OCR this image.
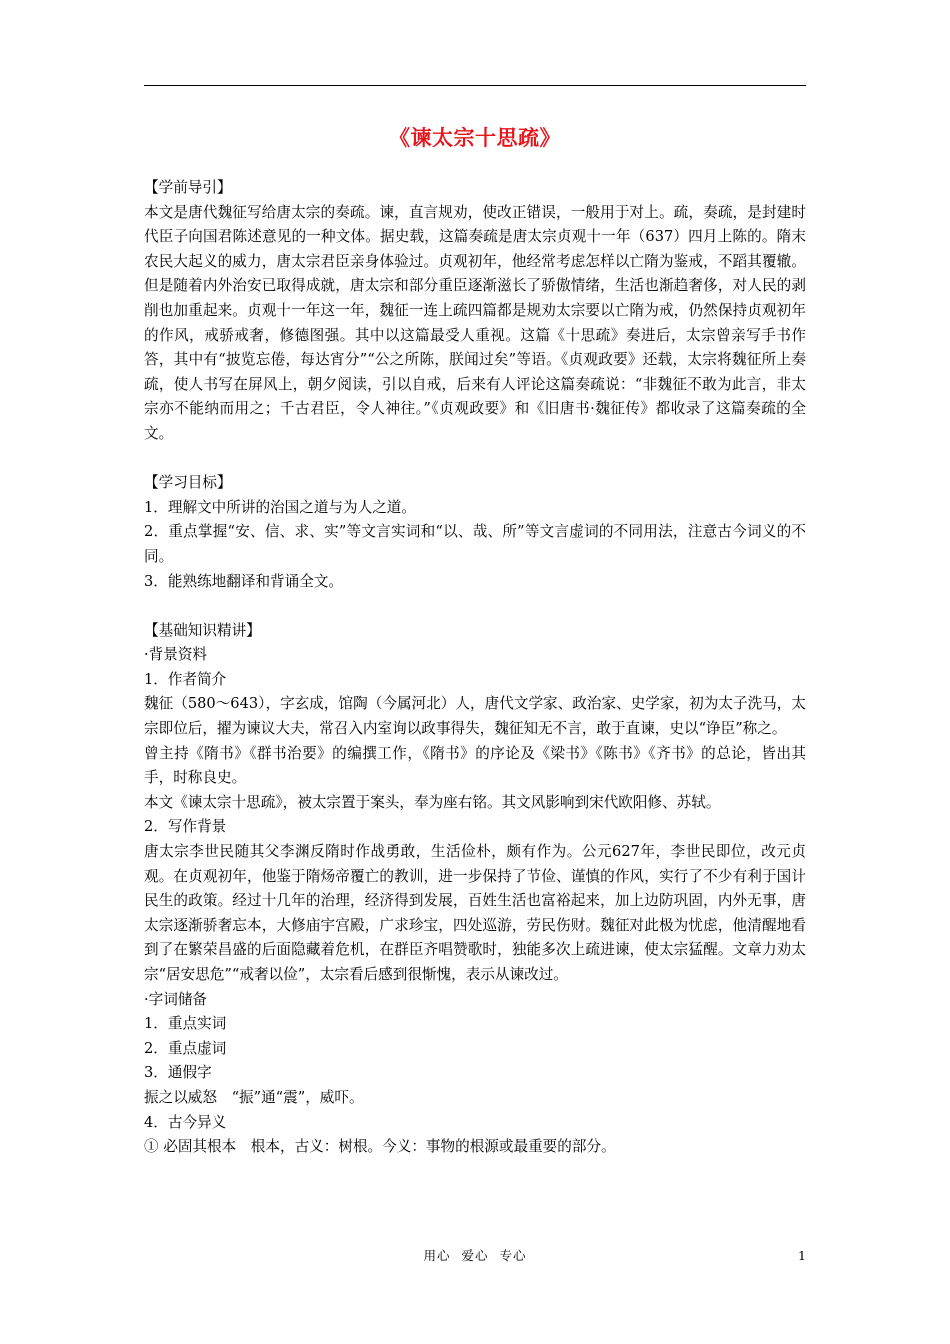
《谏太宗十思疏》

【学前导引】

本文是唐代魏征写给唐太宗的奏疏。谏，直言规劝，使改正错误，一般用于对上。疏，奏疏，是封建时代臣子向国君陈述意见的一种文体。据史载，这篇奏疏是唐太宗贞观十一年（637）四月上陈的。隋末农民大起义的威力，唐太宗君臣亲身体验过。贞观初年，他经常考虑怎样以亡隋为鉴戒，不蹈其覆辙。但是随着内外治安已取得成就，唐太宗和部分重臣逐渐滋长了骄傲情绪，生活也渐趋奢侈，对人民的剥削也加重起来。贞观十一年这一年，魏征一连上疏四篇都是规劝太宗要以亡隋为戒，仍然保持贞观初年的作风，戒骄戒奢，修德图强。其中以这篇最受人重视。这篇《十思疏》奏进后，太宗曾亲写手书作答，其中有“披览忘倦，每达宵分”“公之所陈，朕闻过矣”等语。《贞观政要》还载，太宗将魏征所上奏疏，使人书写在屏风上，朝夕阅读，引以自戒，后来有人评论这篇奏疏说：“非魏征不敢为此言，非太宗亦不能纳而用之；千古君臣，令人神往。”《贞观政要》和《旧唐书·魏征传》都收录了这篇奏疏的全文。

【学习目标】

1．理解文中所讲的治国之道与为人之道。

2．重点掌握“安、信、求、实”等文言实词和“以、哉、所”等文言虚词的不同用法，注意古今词义的不同。

3．能熟练地翻译和背诵全文。

【基础知识精讲】

·背景资料

1．作者简介

魏征（580～643），字玄成，馆陶（今属河北）人，唐代文学家、政治家、史学家，初为太子洗马，太宗即位后，擢为谏议大夫，常召入内室询以政事得失，魏征知无不言，敢于直谏，史以“诤臣”称之。

曾主持《隋书》《群书治要》的编撰工作，《隋书》的序论及《梁书》《陈书》《齐书》的总论，皆出其手，时称良史。

本文《谏太宗十思疏》，被太宗置于案头，奉为座右铭。其文风影响到宋代欧阳修、苏轼。

2．写作背景

唐太宗李世民随其父李渊反隋时作战勇敢，生活俭朴，颇有作为。公元627年，李世民即位，改元贞观。在贞观初年，他鉴于隋炀帝覆亡的教训，进一步保持了节俭、谨慎的作风，实行了不少有利于国计民生的政策。经过十几年的治理，经济得到发展，百姓生活也富裕起来，加上边防巩固，内外无事，唐太宗逐渐骄奢忘本，大修庙宇宫殿，广求珍宝，四处巡游，劳民伤财。魏征对此极为忧虑，他清醒地看到了在繁荣昌盛的后面隐藏着危机，在群臣齐唱赞歌时，独能多次上疏进谏，使太宗猛醒。文章力劝太宗“居安思危”“戒奢以俭”，太宗看后感到很惭愧，表示从谏改过。

·字词储备

1．重点实词

2．重点虚词

3．通假字

振之以威怒　“振”通“震”，威吓。

4．古今异义

① 必固其根本　根本，古义：树根。今义：事物的根源或最重要的部分。

用心 爱心 专心	1
